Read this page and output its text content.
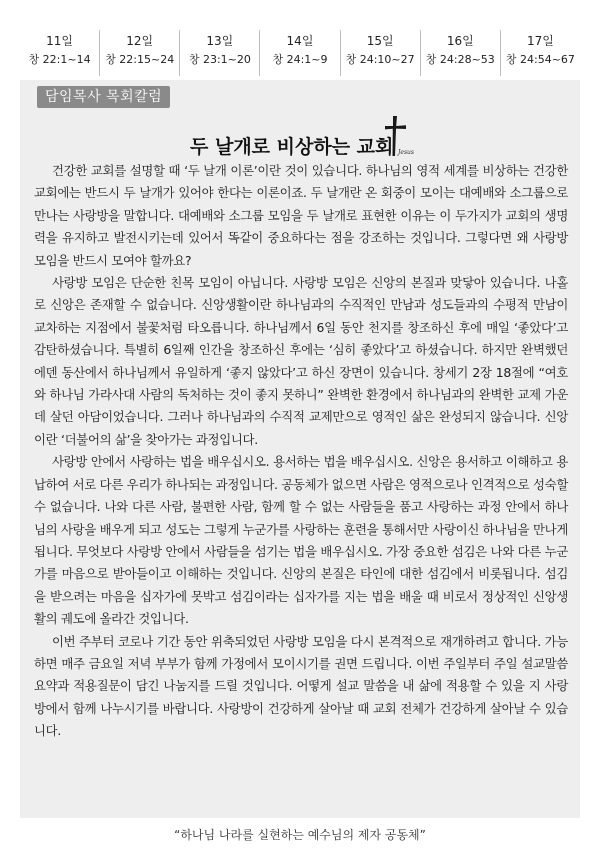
11일
창 22:1~14
12일
창 22:15~24
13일
창 23:1~20
14일
창 24:1~9
15일
창 24:10~27
16일
창 24:28~53
17일
창 24:54~67
담임목사 목회칼럼
두 날개로 비상하는 교회 Jesus

건강한 교회를 설명할 때 ‘두 날개 이론’이란 것이 있습니다. 하나님의 영적 세계를 비상하는 건강한 교회에는 반드시 두 날개가 있어야 한다는 이론이죠. 두 날개란 온 회중이 모이는 대예배와 소그룹으로 만나는 사랑방을 말합니다. 대예배와 소그룹 모임을 두 날개로 표현한 이유는 이 두가지가 교회의 생명력을 유지하고 발전시키는데 있어서 똑같이 중요하다는 점을 강조하는 것입니다. 그렇다면 왜 사랑방 모임을 반드시 모여야 할까요?

사랑방 모임은 단순한 친목 모임이 아닙니다. 사랑방 모임은 신앙의 본질과 맞닿아 있습니다. 나홀로 신앙은 존재할 수 없습니다. 신앙생활이란 하나님과의 수직적인 만남과 성도들과의 수평적 만남이 교차하는 지점에서 불꽃처럼 타오릅니다. 하나님께서 6일 동안 천지를 창조하신 후에 매일 ‘좋았다’고 감탄하셨습니다. 특별히 6일째 인간을 창조하신 후에는 ‘심히 좋았다’고 하셨습니다. 하지만 완벽했던 에덴 동산에서 하나님께서 유일하게 ‘좋지 않았다’고 하신 장면이 있습니다. 창세기 2장 18절에 “여호와 하나님 가라사대 사람의 독처하는 것이 좋지 못하니” 완벽한 환경에서 하나님과의 완벽한 교제 가운데 살던 아담이었습니다. 그러나 하나님과의 수직적 교제만으로 영적인 삶은 완성되지 않습니다. 신앙이란 ‘더불어의 삶’을 찾아가는 과정입니다.

사랑방 안에서 사랑하는 법을 배우십시오. 용서하는 법을 배우십시오. 신앙은 용서하고 이해하고 용납하여 서로 다른 우리가 하나되는 과정입니다. 공동체가 없으면 사람은 영적으로나 인격적으로 성숙할 수 없습니다. 나와 다른 사람, 불편한 사람, 함께 할 수 없는 사람들을 품고 사랑하는 과정 안에서 하나님의 사랑을 배우게 되고 성도는 그렇게 누군가를 사랑하는 훈련을 통해서만 사랑이신 하나님을 만나게 됩니다. 무엇보다 사랑방 안에서 사람들을 섬기는 법을 배우십시오. 가장 중요한 섬김은 나와 다른 누군가를 마음으로 받아들이고 이해하는 것입니다. 신앙의 본질은 타인에 대한 섬김에서 비롯됩니다. 섬김을 받으려는 마음을 십자가에 못박고 섬김이라는 십자가를 지는 법을 배울 때 비로서 정상적인 신앙생활의 궤도에 올라간 것입니다.

이번 주부터 코로나 기간 동안 위축되었던 사랑방 모임을 다시 본격적으로 재개하려고 합니다. 가능하면 매주 금요일 저녁 부부가 함께 가정에서 모이시기를 권면 드립니다. 이번 주일부터 주일 설교말씀 요약과 적용질문이 담긴 나눔지를 드릴 것입니다. 어떻게 설교 말씀을 내 삶에 적용할 수 있을 지 사랑방에서 함께 나누시기를 바랍니다. 사랑방이 건강하게 살아날 때 교회 전체가 건강하게 살아날 수 있습니다.

“하나님 나라를 실현하는 예수님의 제자 공동체”
